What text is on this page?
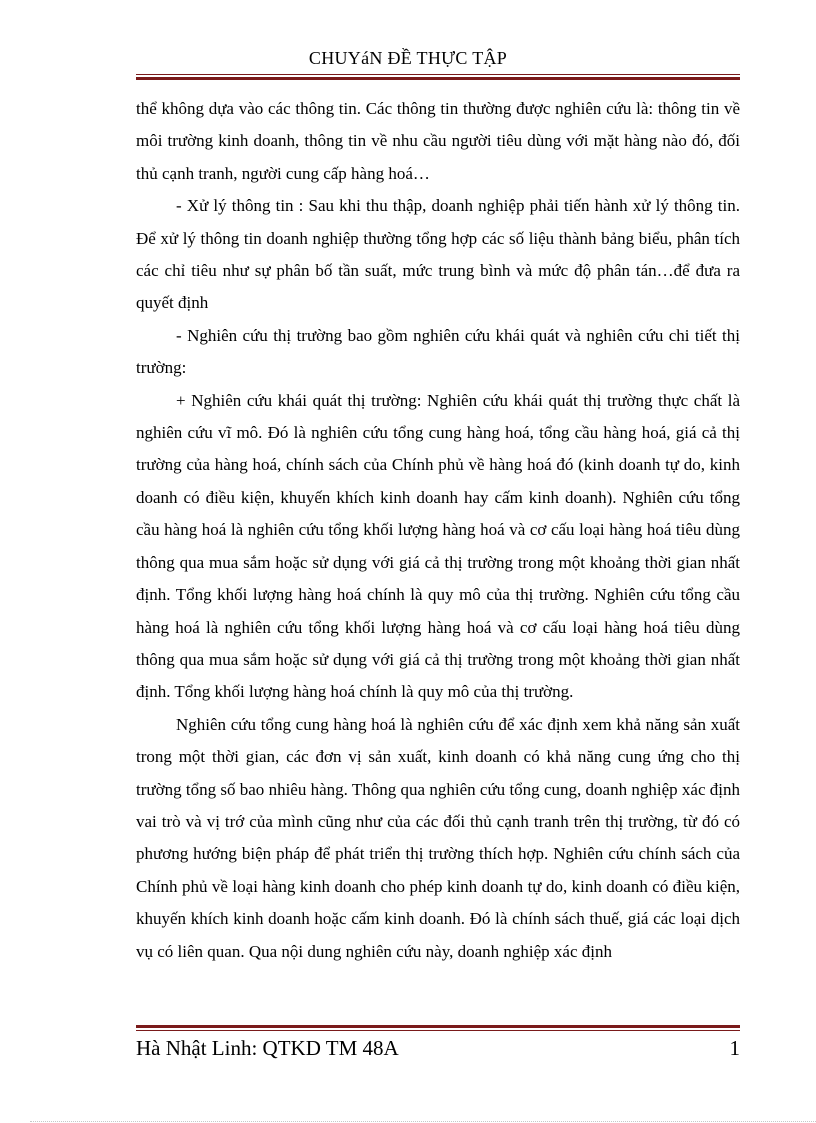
CHUYáN ĐỀ THỰC TẬP

thể không dựa vào các thông tin. Các thông tin thường được nghiên cứu là: thông tin về môi trường kinh doanh, thông tin về nhu cầu người tiêu dùng với mặt hàng nào đó, đối thủ cạnh tranh, người cung cấp hàng hoá…

- Xử lý thông tin : Sau khi thu thập, doanh nghiệp phải tiến hành xử lý thông tin. Để xử lý thông tin doanh nghiệp thường tổng hợp các số liệu thành bảng biểu, phân tích các chỉ tiêu như sự phân bố tần suất, mức trung bình và mức độ phân tán…để đưa ra quyết định

- Nghiên cứu thị trường bao gồm nghiên cứu khái quát và nghiên cứu chi tiết thị trường:

+ Nghiên cứu khái quát thị trường: Nghiên cứu khái quát thị trường thực chất là nghiên cứu vĩ mô. Đó là nghiên cứu tổng cung hàng hoá, tổng cầu hàng hoá, giá cả thị trường của hàng hoá, chính sách của Chính phủ về hàng hoá đó (kinh doanh tự do, kinh doanh có điều kiện, khuyến khích kinh doanh hay cấm kinh doanh). Nghiên cứu tổng cầu hàng hoá là nghiên cứu tổng khối lượng hàng hoá và cơ cấu loại hàng hoá tiêu dùng thông qua mua sắm hoặc sử dụng với giá cả thị trường trong một khoảng thời gian nhất định. Tổng khối lượng hàng hoá chính là quy mô của thị trường. Nghiên cứu tổng cầu hàng hoá là nghiên cứu tổng khối lượng hàng hoá và cơ cấu loại hàng hoá tiêu dùng thông qua mua sắm hoặc sử dụng với giá cả thị trường trong một khoảng thời gian nhất định. Tổng khối lượng hàng hoá chính là quy mô của thị trường.

Nghiên cứu tổng cung hàng hoá là nghiên cứu để xác định xem khả năng sản xuất trong một thời gian, các đơn vị sản xuất, kinh doanh có khả năng cung ứng cho thị trường tổng số bao nhiêu hàng. Thông qua nghiên cứu tổng cung, doanh nghiệp xác định vai trò và vị trớ của mình cũng như của các đối thủ cạnh tranh trên thị trường, từ đó có phương hướng biện pháp để phát triển thị trường thích hợp. Nghiên cứu chính sách của Chính phủ về loại hàng kinh doanh cho phép kinh doanh tự do, kinh doanh có điều kiện, khuyến khích kinh doanh hoặc cấm kinh doanh. Đó là chính sách thuế, giá các loại dịch vụ có liên quan. Qua nội dung nghiên cứu này, doanh nghiệp xác định

Hà Nhật Linh: QTKD TM 48A	1
